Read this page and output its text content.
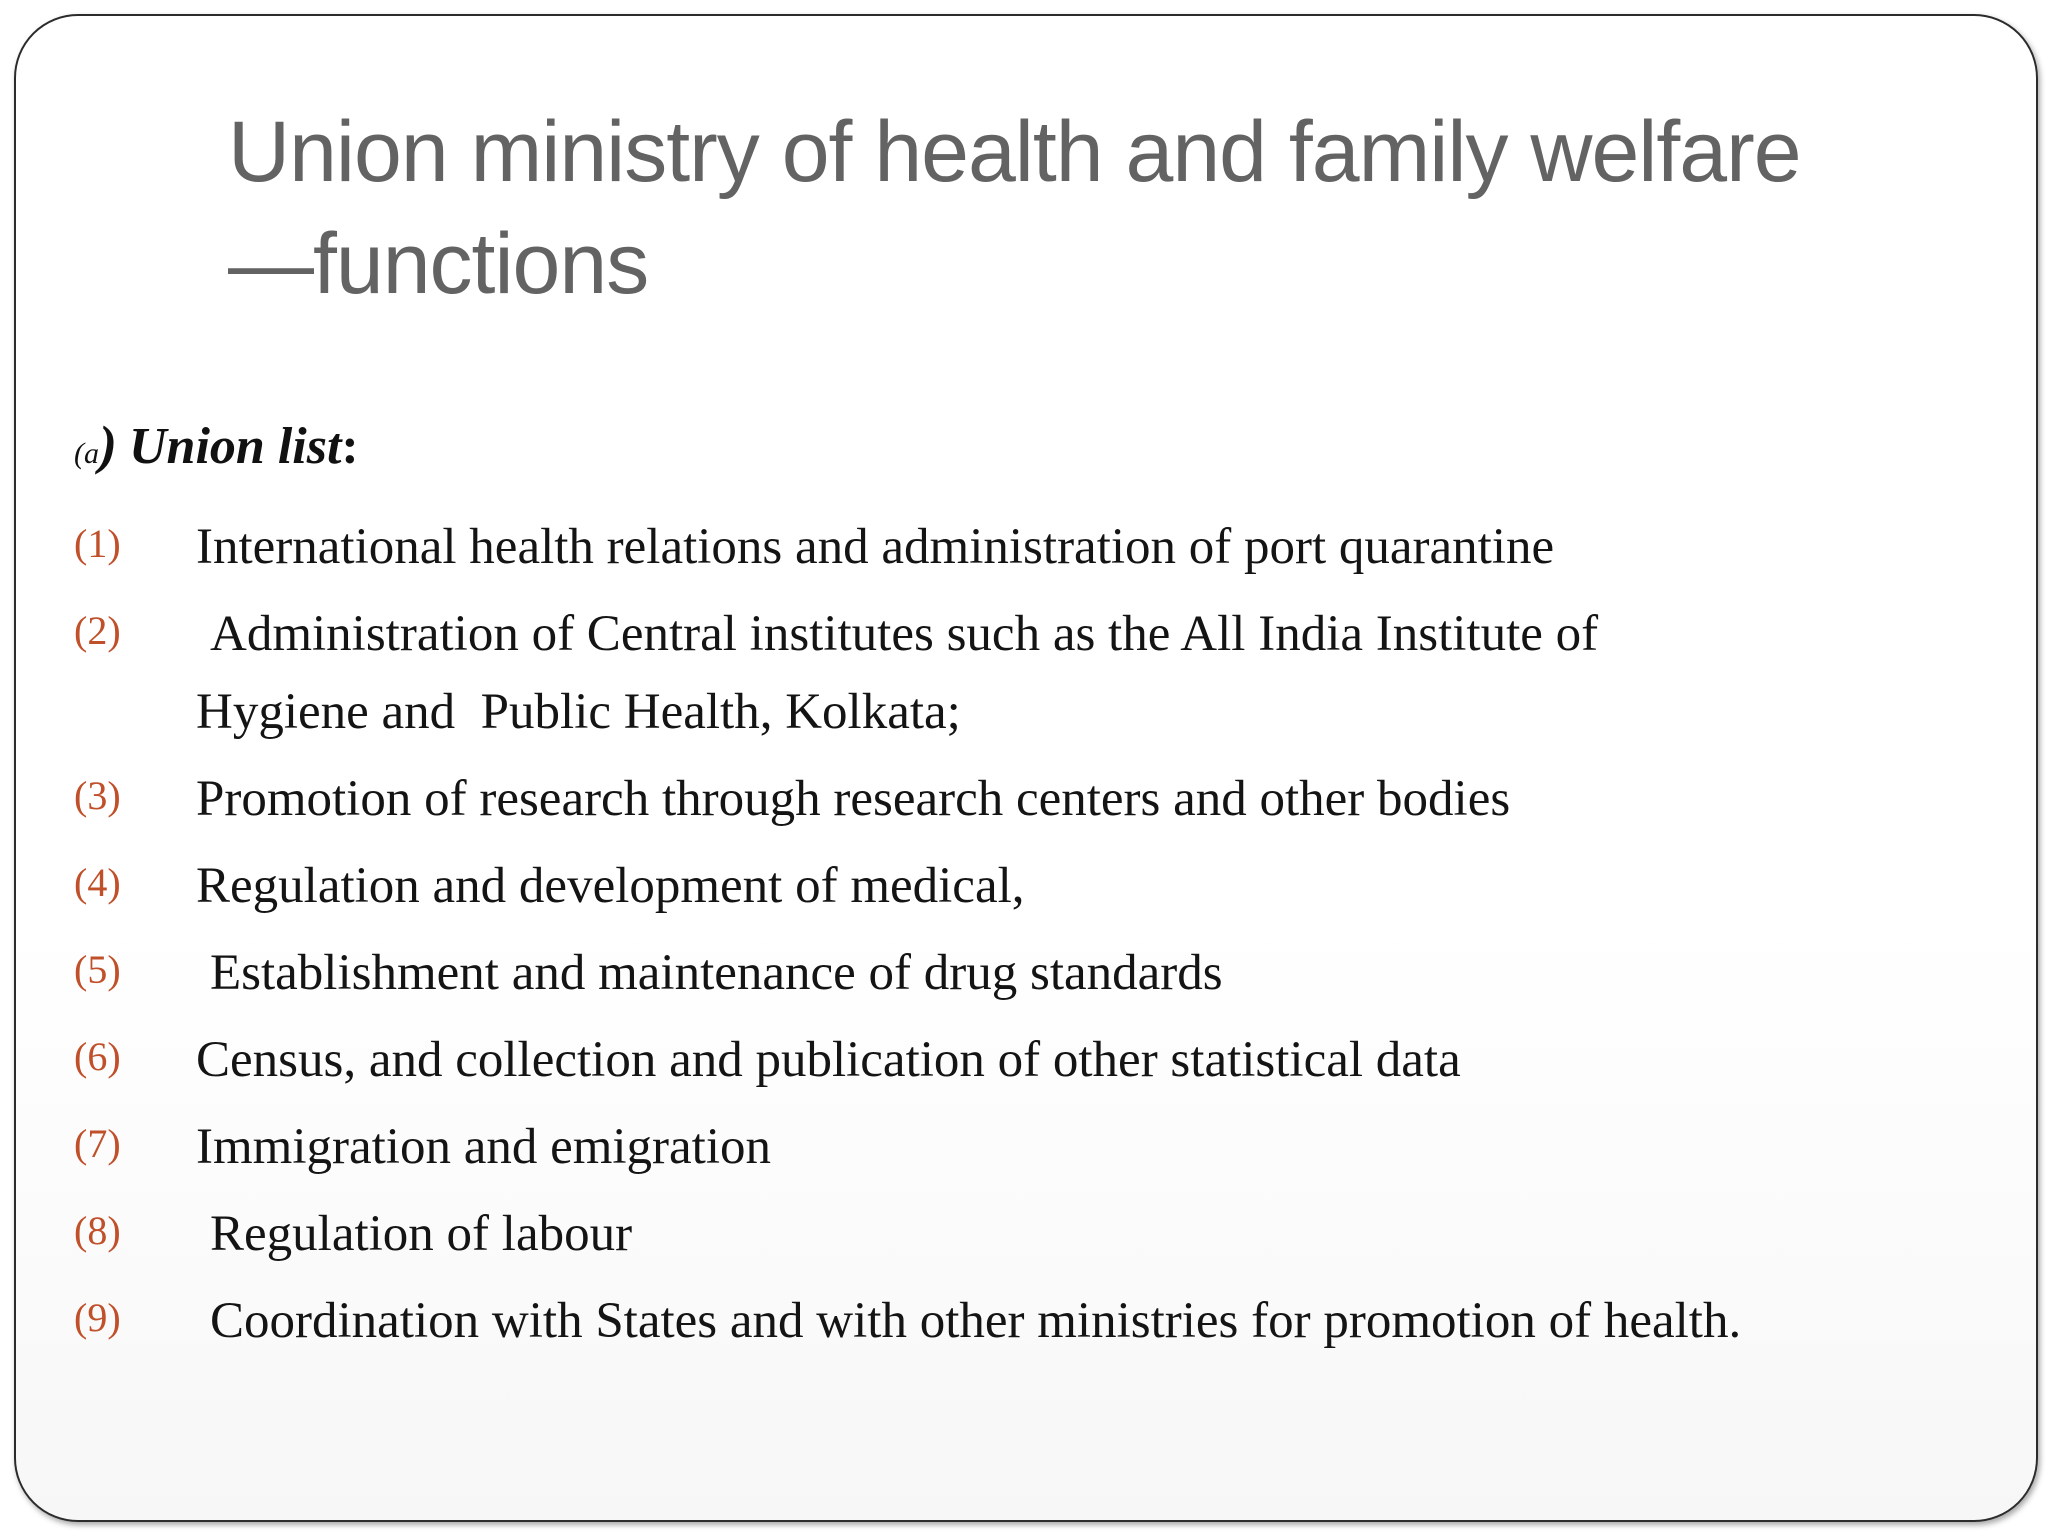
Union ministry of health and family welfare
—functions
(a) Union list:
(1) International health relations and administration of port quarantine
(2) Administration of Central institutes such as the All India Institute of
Hygiene and  Public Health, Kolkata;
(3) Promotion of research through research centers and other bodies
(4) Regulation and development of medical,
(5) Establishment and maintenance of drug standards
(6) Census, and collection and publication of other statistical data
(7) Immigration and emigration
(8) Regulation of labour
(9) Coordination with States and with other ministries for promotion of health.
